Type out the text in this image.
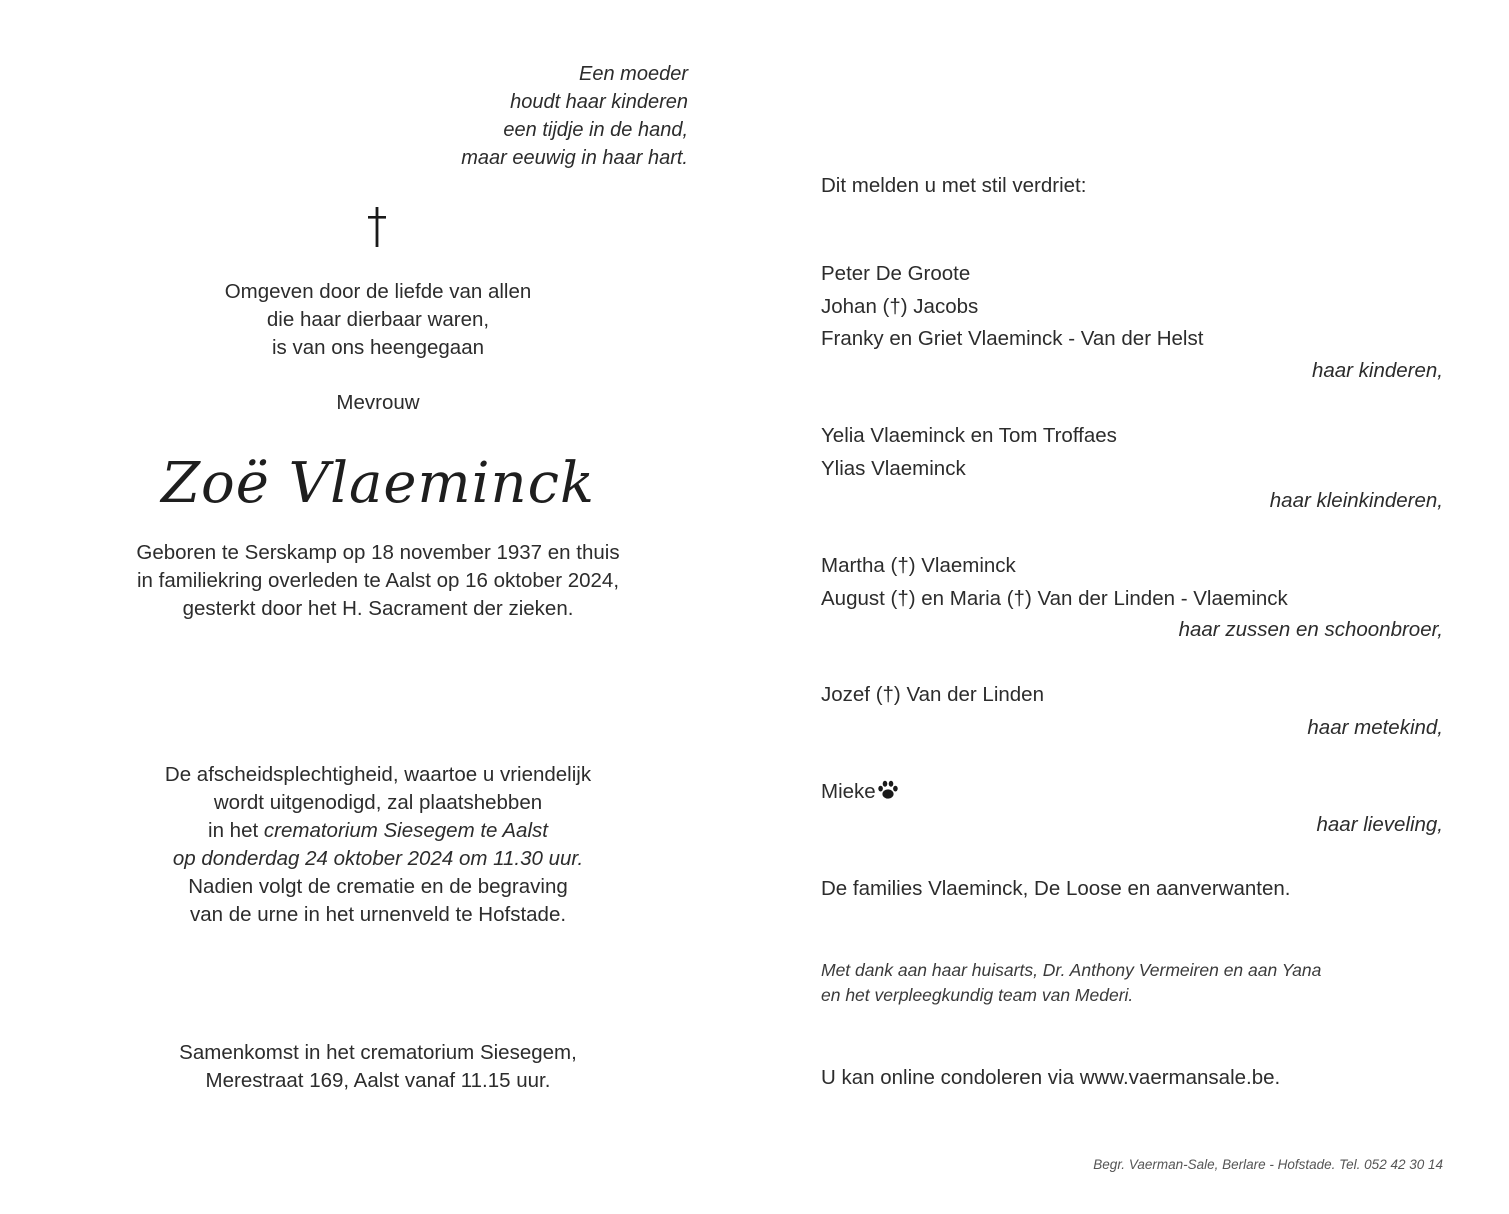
Een moeder
houdt haar kinderen
een tijdje in de hand,
maar eeuwig in haar hart.
Omgeven door de liefde van allen
die haar dierbaar waren,
is van ons heengegaan
Mevrouw
Zoë Vlaeminck
Geboren te Serskamp op 18 november 1937 en thuis
in familiekring overleden te Aalst op 16 oktober 2024,
gesterkt door het H. Sacrament der zieken.
De afscheidsplechtigheid, waartoe u vriendelijk
wordt uitgenodigd, zal plaatshebben
in het crematorium Siesegem te Aalst
op donderdag 24 oktober 2024 om 11.30 uur.
Nadien volgt de crematie en de begraving
van de urne in het urnenveld te Hofstade.
Samenkomst in het crematorium Siesegem,
Merestraat 169, Aalst vanaf 11.15 uur.

Dit melden u met stil verdriet:

Peter De Groote
Johan (†) Jacobs
Franky en Griet Vlaeminck - Van der Helst
haar kinderen,
Yelia Vlaeminck en Tom Troffaes
Ylias Vlaeminck
haar kleinkinderen,
Martha (†) Vlaeminck
August (†) en Maria (†) Van der Linden - Vlaeminck
haar zussen en schoonbroer,
Jozef (†) Van der Linden
haar metekind,
Mieke
haar lieveling,

De families Vlaeminck, De Loose en aanverwanten.

Met dank aan haar huisarts, Dr. Anthony Vermeiren en aan Yana
en het verpleegkundig team van Mederi.

U kan online condoleren via www.vaermansale.be.

Begr. Vaerman-Sale, Berlare - Hofstade. Tel. 052 42 30 14
